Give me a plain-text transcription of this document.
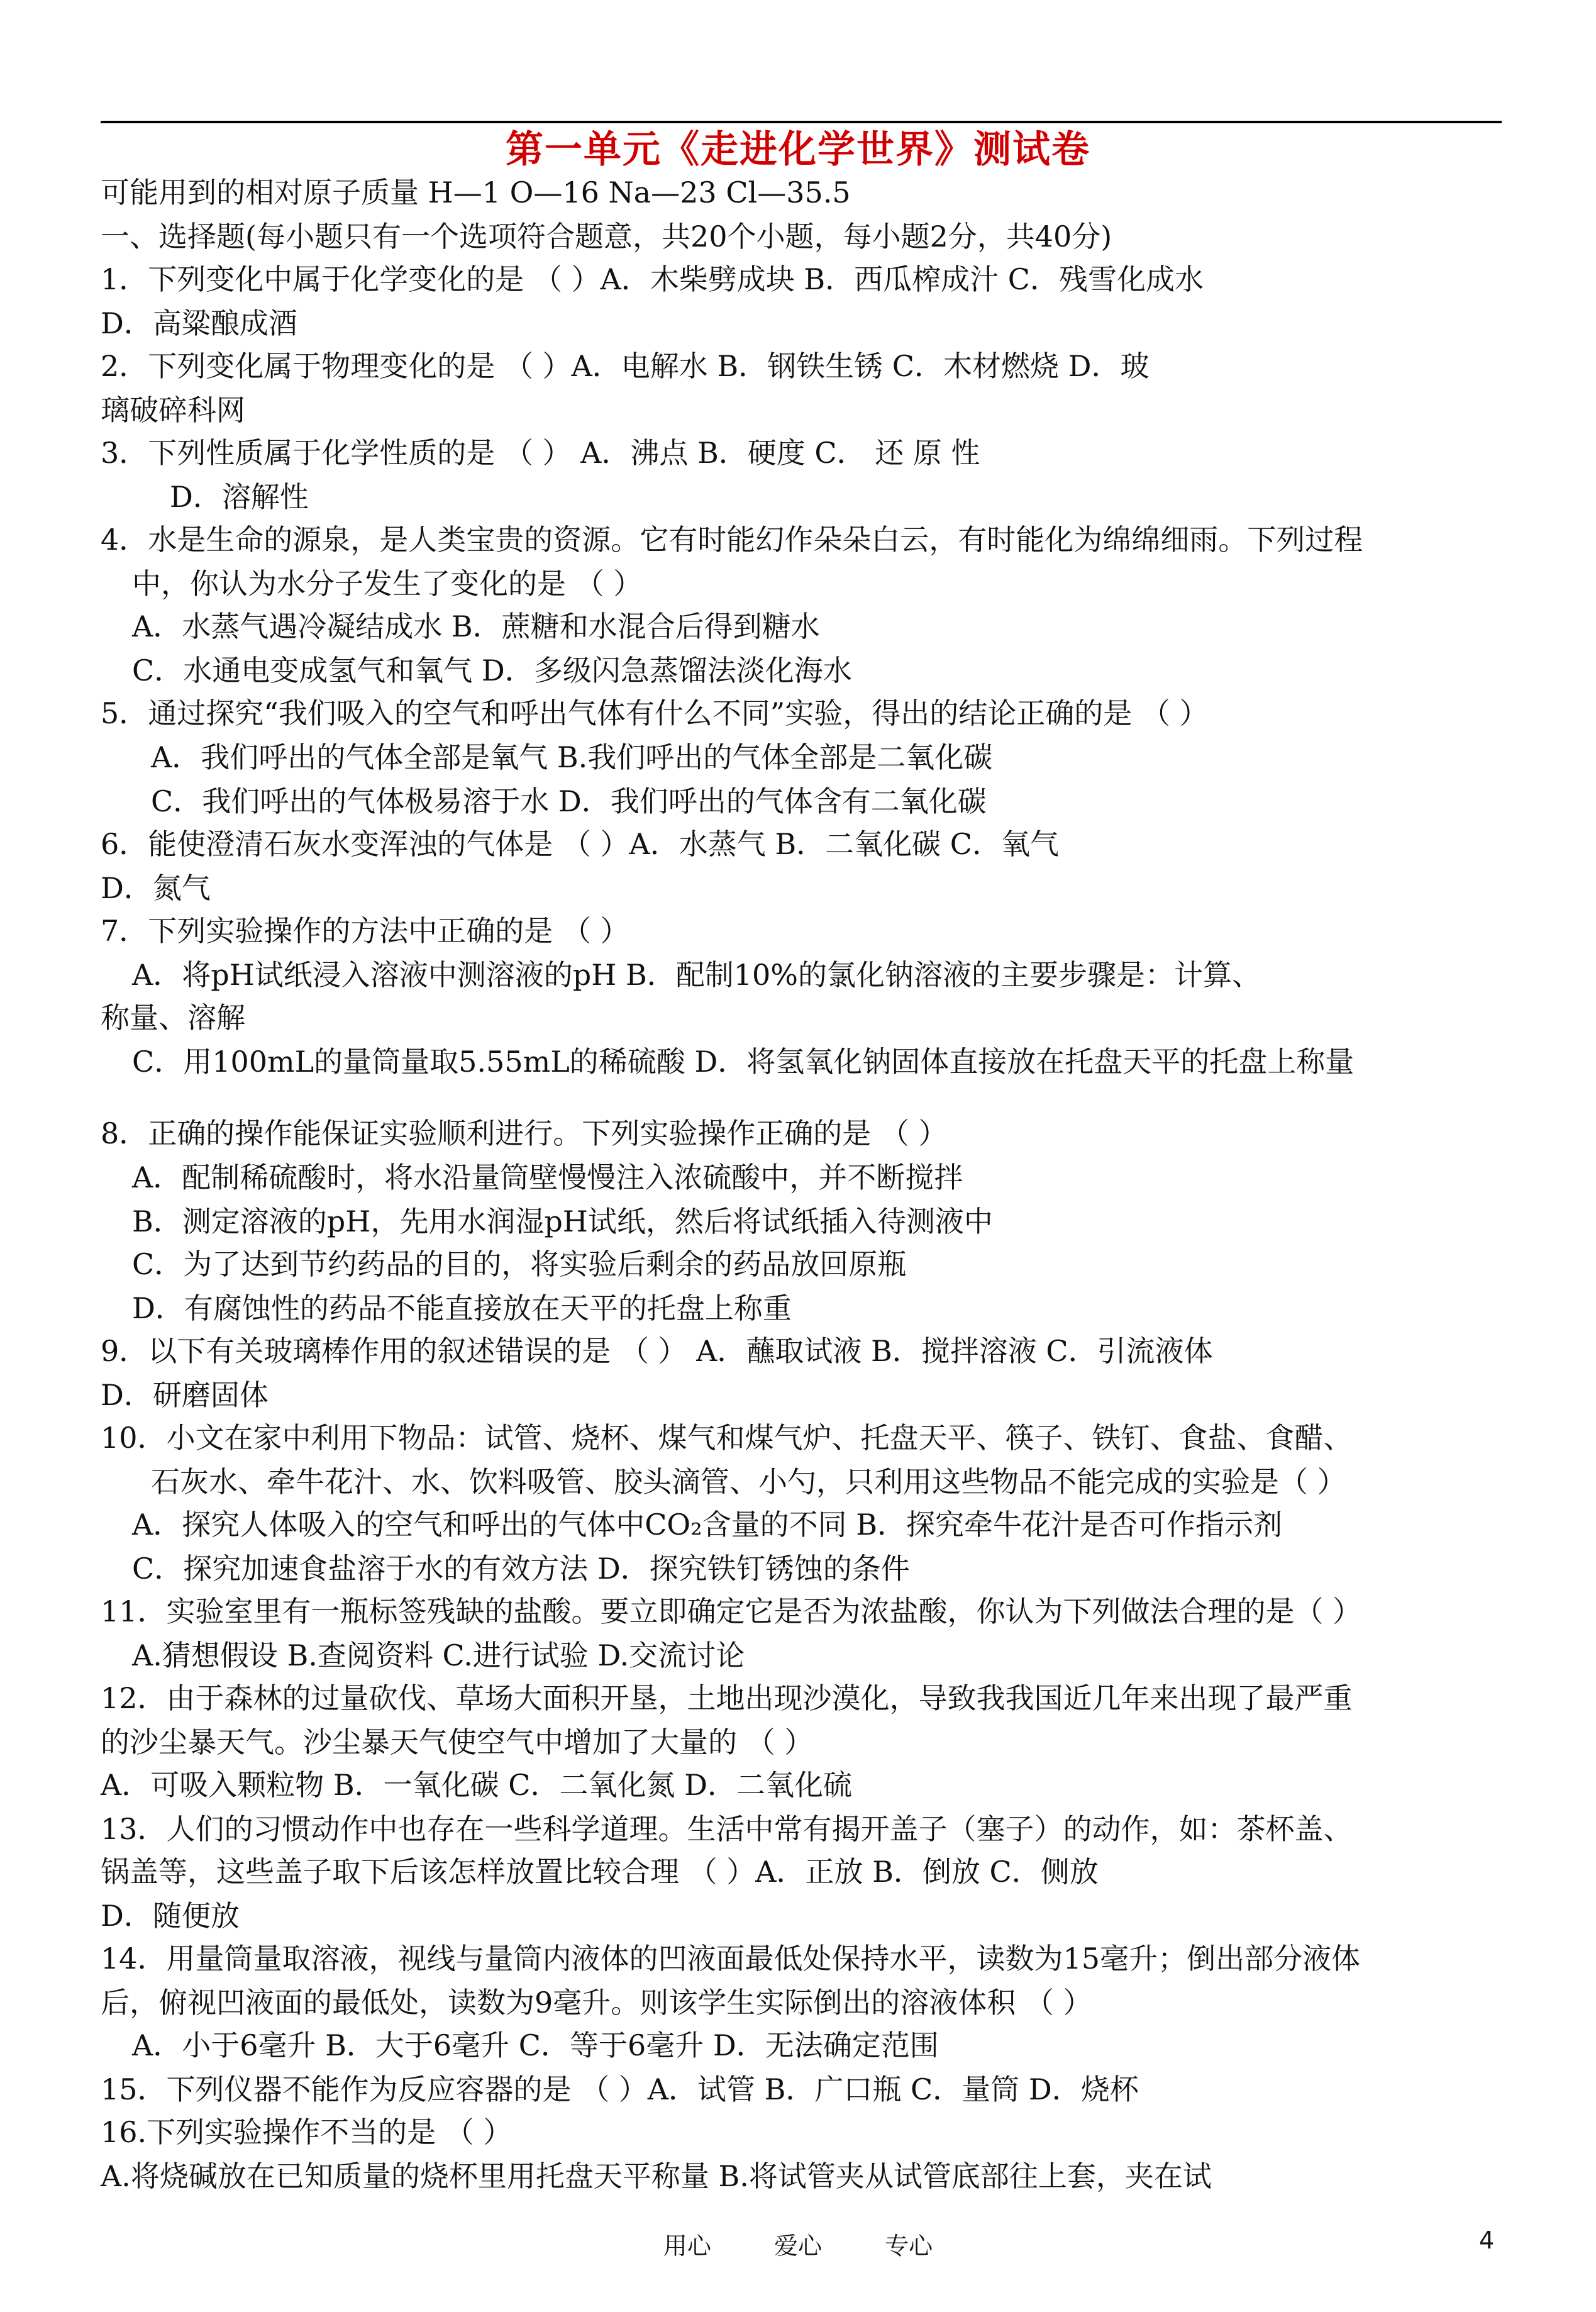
第一单元《走进化学世界》测试卷
可能用到的相对原子质量 H—1 O—16 Na—23 Cl—35.5
一、选择题(每小题只有一个选项符合题意，共20个小题，每小题2分，共40分)
1．下列变化中属于化学变化的是 （ ）A．木柴劈成块 B．西瓜榨成汁 C．残雪化成水
D．高粱酿成酒
2．下列变化属于物理变化的是 （ ）A．电解水 B．钢铁生锈 C．木材燃烧 D．玻
璃破碎科网
3．下列性质属于化学性质的是 （ ） A．沸点 B．硬度 C． 还 原 性
D．溶解性
4．水是生命的源泉，是人类宝贵的资源。它有时能幻作朵朵白云，有时能化为绵绵细雨。下列过程
中，你认为水分子发生了变化的是 （ ）
A．水蒸气遇冷凝结成水 B．蔗糖和水混合后得到糖水
C．水通电变成氢气和氧气 D．多级闪急蒸馏法淡化海水
5．通过探究“我们吸入的空气和呼出气体有什么不同”实验，得出的结论正确的是 （ ）
A．我们呼出的气体全部是氧气 B.我们呼出的气体全部是二氧化碳
C．我们呼出的气体极易溶于水 D．我们呼出的气体含有二氧化碳
6．能使澄清石灰水变浑浊的气体是 （ ）A．水蒸气 B．二氧化碳 C．氧气
D．氮气
7．下列实验操作的方法中正确的是 （ ）
A．将pH试纸浸入溶液中测溶液的pH B．配制10%的氯化钠溶液的主要步骤是：计算、
称量、溶解
C．用100mL的量筒量取5.55mL的稀硫酸 D．将氢氧化钠固体直接放在托盘天平的托盘上称量
8．正确的操作能保证实验顺利进行。下列实验操作正确的是 （ ）
A．配制稀硫酸时，将水沿量筒壁慢慢注入浓硫酸中，并不断搅拌
B．测定溶液的pH，先用水润湿pH试纸，然后将试纸插入待测液中
C．为了达到节约药品的目的，将实验后剩余的药品放回原瓶
D．有腐蚀性的药品不能直接放在天平的托盘上称重
9．以下有关玻璃棒作用的叙述错误的是 （ ） A．蘸取试液 B．搅拌溶液 C．引流液体
D．研磨固体
10．小文在家中利用下物品：试管、烧杯、煤气和煤气炉、托盘天平、筷子、铁钉、食盐、食醋、
石灰水、牵牛花汁、水、饮料吸管、胶头滴管、小勺，只利用这些物品不能完成的实验是（ ）
A．探究人体吸入的空气和呼出的气体中CO₂含量的不同 B．探究牵牛花汁是否可作指示剂
C．探究加速食盐溶于水的有效方法 D．探究铁钉锈蚀的条件
11．实验室里有一瓶标签残缺的盐酸。要立即确定它是否为浓盐酸，你认为下列做法合理的是（ ）
A.猜想假设 B.查阅资料 C.进行试验 D.交流讨论
12．由于森林的过量砍伐、草场大面积开垦，土地出现沙漠化，导致我我国近几年来出现了最严重
的沙尘暴天气。沙尘暴天气使空气中增加了大量的 （ ）
A．可吸入颗粒物 B．一氧化碳 C．二氧化氮 D．二氧化硫
13．人们的习惯动作中也存在一些科学道理。生活中常有揭开盖子（塞子）的动作，如：茶杯盖、
锅盖等，这些盖子取下后该怎样放置比较合理 （ ）A．正放 B．倒放 C．侧放
D．随便放
14．用量筒量取溶液，视线与量筒内液体的凹液面最低处保持水平，读数为15毫升；倒出部分液体
后，俯视凹液面的最低处，读数为9毫升。则该学生实际倒出的溶液体积 （ ）
A．小于6毫升 B．大于6毫升 C．等于6毫升 D．无法确定范围
15．下列仪器不能作为反应容器的是 （ ）A．试管 B．广口瓶 C．量筒 D．烧杯
16.下列实验操作不当的是 （ ）
A.将烧碱放在已知质量的烧杯里用托盘天平称量 B.将试管夹从试管底部往上套，夹在试
用心	爱心	专心	4
